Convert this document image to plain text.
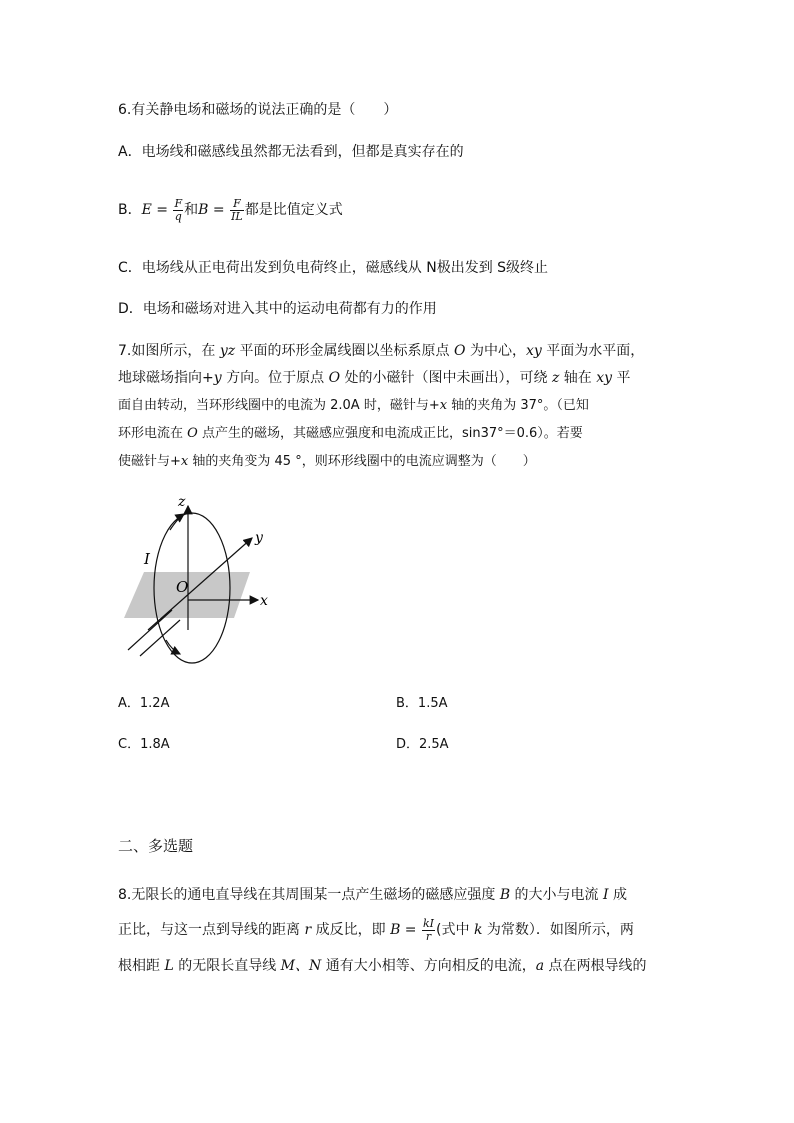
6.有关静电场和磁场的说法正确的是（　　）
A．电场线和磁感线虽然都无法看到，但都是真实存在的
B．$E = \frac{F}{q}$ 和$B = \frac{F}{IL}$ 都是比值定义式
C．电场线从正电荷出发到负电荷终止，磁感线从 N极出发到 S级终止
D．电场和磁场对进入其中的运动电荷都有力的作用
7.如图所示，在 yz 平面的环形金属线圈以坐标系原点 O 为中心，xy 平面为水平面，
地球磁场指向+y 方向。位于原点 O 处的小磁针（图中未画出），可绕 z 轴在 xy 平
面自由转动，当环形线圈中的电流为 2.0A 时，磁针与+x 轴的夹角为 37°。（已知
环形电流在 O 点产生的磁场，其磁感应强度和电流成正比，sin37°＝0.6）。若要
使磁针与+x 轴的夹角变为 45 °，则环形线圈中的电流应调整为（　　）
z
y
x
I
O
A．1.2A	B．1.5A
C．1.8A	D．2.5A
二、多选题
8.无限长的通电直导线在其周围某一点产生磁场的磁感应强度 B 的大小与电流 I 成
正比，与这一点到导线的距离 r 成反比，即 $B = \frac{kI}{r}$ (式中 k 为常数）．如图所示，两
根相距 L 的无限长直导线 M、N 通有大小相等、方向相反的电流，a 点在两根导线的
